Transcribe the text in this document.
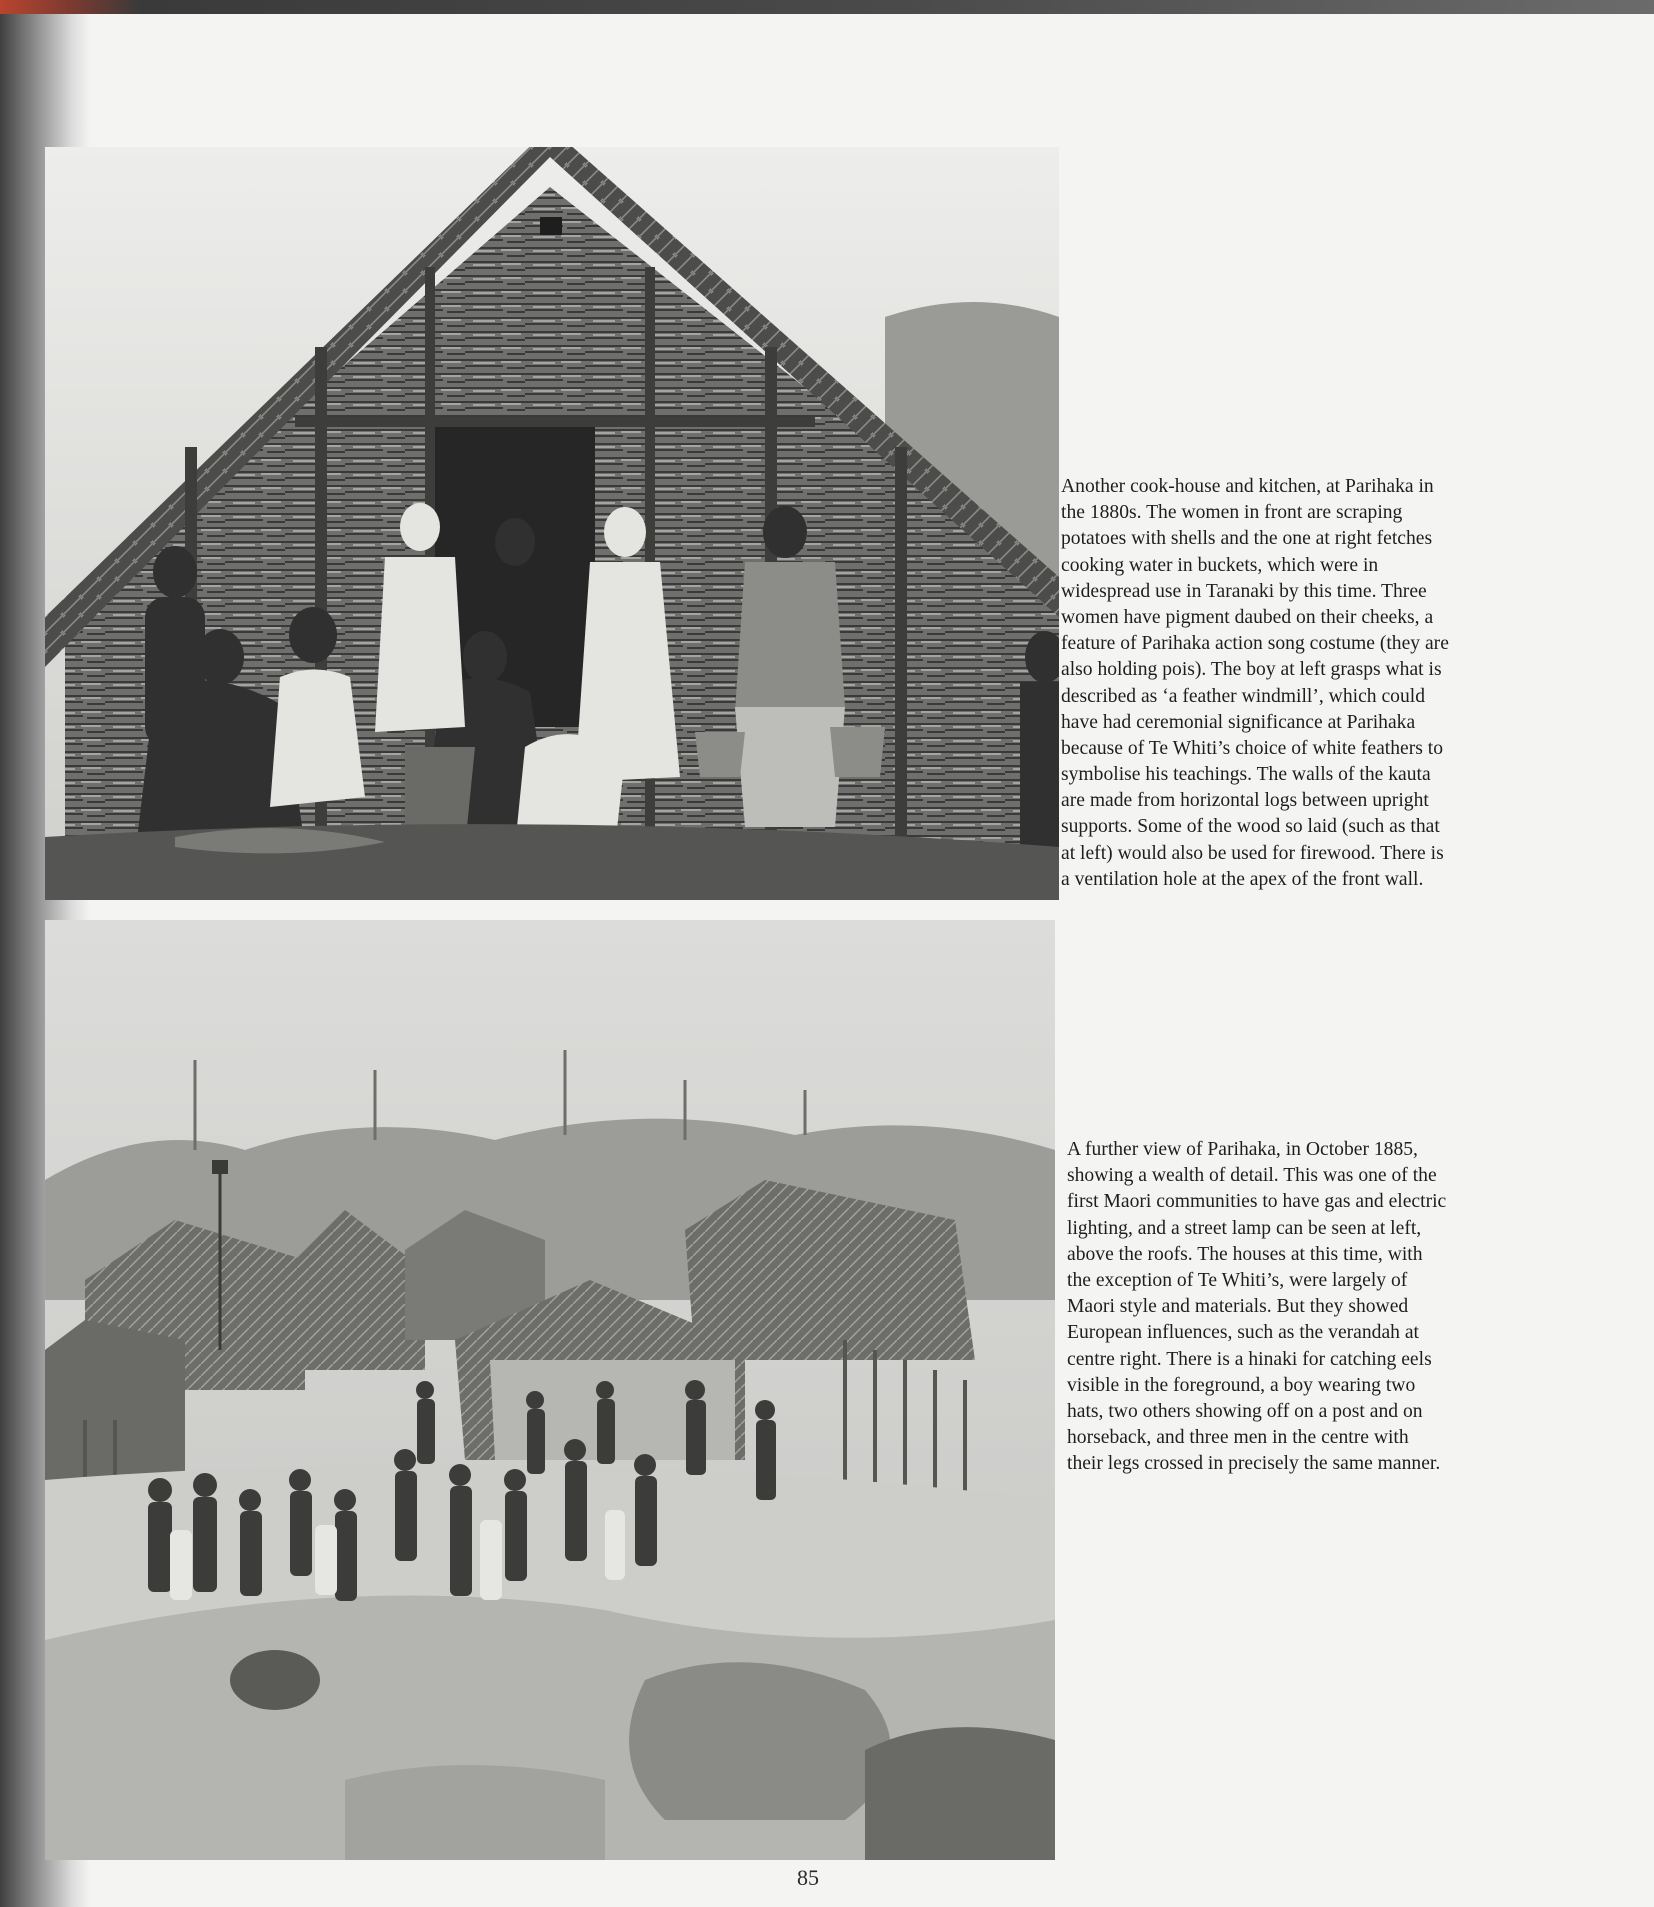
Another cook-house and kitchen, at Parihaka in
the 1880s. The women in front are scraping
potatoes with shells and the one at right fetches
cooking water in buckets, which were in
widespread use in Taranaki by this time. Three
women have pigment daubed on their cheeks, a
feature of Parihaka action song costume (they are
also holding pois). The boy at left grasps what is
described as ‘a feather windmill’, which could
have had ceremonial significance at Parihaka
because of Te Whiti’s choice of white feathers to
symbolise his teachings. The walls of the kauta
are made from horizontal logs between upright
supports. Some of the wood so laid (such as that
at left) would also be used for firewood. There is
a ventilation hole at the apex of the front wall.
A further view of Parihaka, in October 1885,
showing a wealth of detail. This was one of the
first Maori communities to have gas and electric
lighting, and a street lamp can be seen at left,
above the roofs. The houses at this time, with
the exception of Te Whiti’s, were largely of
Maori style and materials. But they showed
European influences, such as the verandah at
centre right. There is a hinaki for catching eels
visible in the foreground, a boy wearing two
hats, two others showing off on a post and on
horseback, and three men in the centre with
their legs crossed in precisely the same manner.
85
